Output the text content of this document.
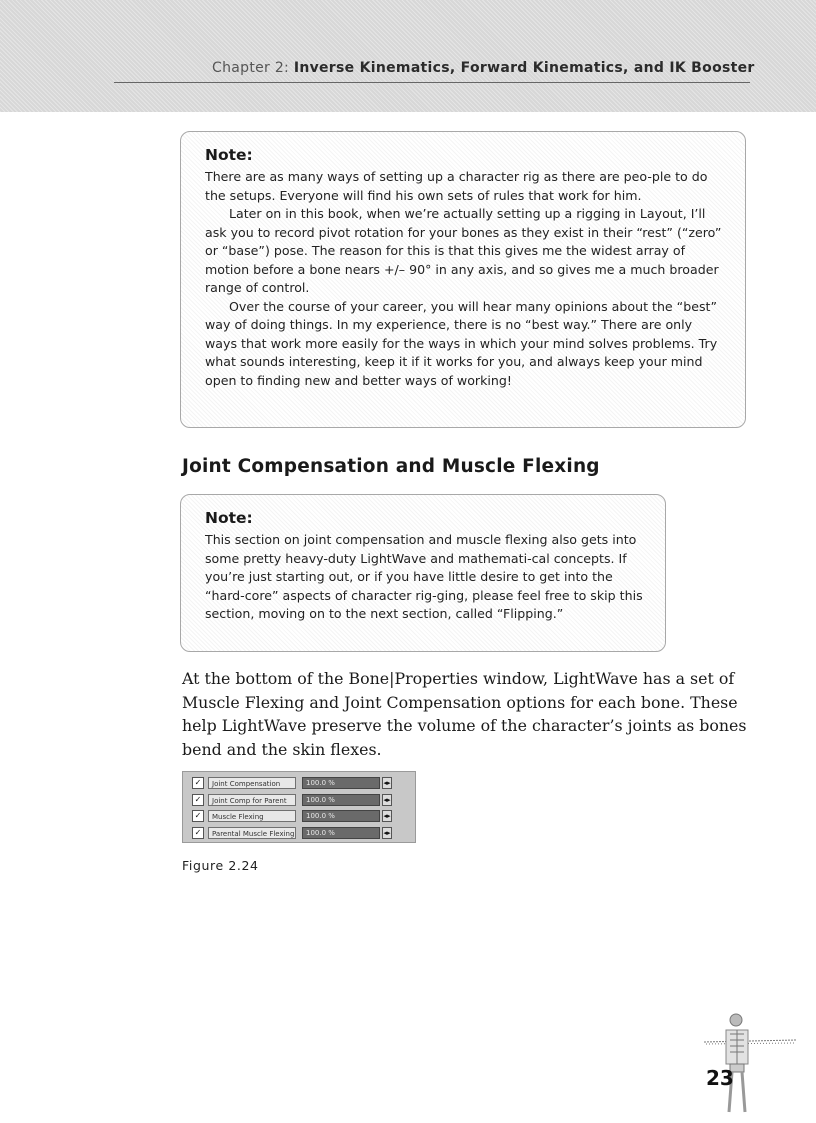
Chapter 2: Inverse Kinematics, Forward Kinematics, and IK Booster
Note:

There are as many ways of setting up a character rig as there are peo-ple to do the setups. Everyone will find his own sets of rules that work for him.

Later on in this book, when we’re actually setting up a rigging in Layout, I’ll ask you to record pivot rotation for your bones as they exist in their “rest” (“zero” or “base”) pose. The reason for this is that this gives me the widest array of motion before a bone nears +/– 90° in any axis, and so gives me a much broader range of control.

Over the course of your career, you will hear many opinions about the “best” way of doing things. In my experience, there is no “best way.” There are only ways that work more easily for the ways in which your mind solves problems. Try what sounds interesting, keep it if it works for you, and always keep your mind open to finding new and better ways of working!

Joint Compensation and Muscle Flexing
Note:

This section on joint compensation and muscle flexing also gets into some pretty heavy-duty LightWave and mathemati-cal concepts. If you’re just starting out, or if you have little desire to get into the “hard-core” aspects of character rig-ging, please feel free to skip this section, moving on to the next section, called “Flipping.”

At the bottom of the Bone|Properties window, LightWave has a set of Muscle Flexing and Joint Compensation options for each bone. These help LightWave preserve the volume of the character’s joints as bones bend and the skin flexes.

✓	Joint Compensation	100.0 %	◂▸
✓	Joint Comp for Parent	100.0 %	◂▸
✓	Muscle Flexing	100.0 %	◂▸
✓	Parental Muscle Flexing	100.0 %	◂▸
Figure 2.24
23
